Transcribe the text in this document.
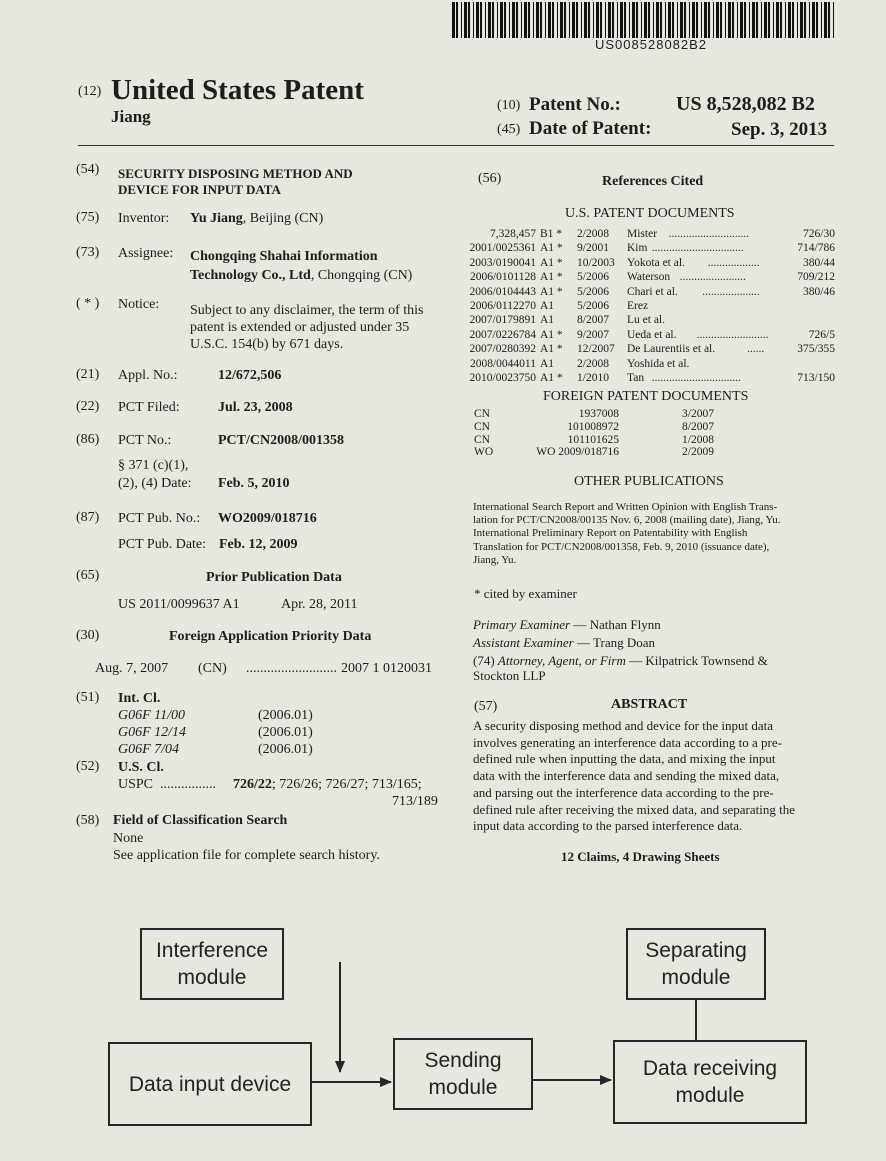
US008528082B2
(12) United States Patent
Jiang
(10) Patent No.:	US 8,528,082 B2
(45) Date of Patent:	Sep. 3, 2013
(54) SECURITY DISPOSING METHOD AND
DEVICE FOR INPUT DATA
(75) Inventor: Yu Jiang, Beijing (CN)
(73) Assignee: Chongqing Shahai Information
Technology Co., Ltd, Chongqing (CN)
( * ) Notice: Subject to any disclaimer, the term of this
patent is extended or adjusted under 35
U.S.C. 154(b) by 671 days.
(21) Appl. No.:	12/672,506
(22) PCT Filed:	Jul. 23, 2008
(86) PCT No.:	PCT/CN2008/001358
§ 371 (c)(1),
(2), (4) Date: Feb. 5, 2010
(87) PCT Pub. No.: WO2009/018716
PCT Pub. Date: Feb. 12, 2009
(65)	Prior Publication Data
US 2011/0099637 A1	Apr. 28, 2011
(30)	Foreign Application Priority Data
Aug. 7, 2007 (CN) .......................... 2007 1 0120031
(51) Int. Cl.
G06F 11/00	(2006.01)
G06F 12/14	(2006.01)
G06F 7/04	(2006.01)
(52) U.S. Cl.
USPC ................ 726/22; 726/26; 726/27; 713/165;
713/189
(58) Field of Classification Search
None
See application file for complete search history.
(56)	References Cited
U.S. PATENT DOCUMENTS
7,328,457 B1 * 2/2008 Mister ............................	726/30
2001/0025361 A1 * 9/2001 Kim ................................	714/786
2003/0190041 A1 * 10/2003 Yokota et al. ..................	380/44
2006/0101128 A1 * 5/2006 Waterson .......................	709/212
2006/0104443 A1 * 5/2006 Chari et al. ....................	380/46
2006/0112270 A1 5/2006 Erez
2007/0179891 A1 8/2007 Lu et al.
2007/0226784 A1 * 9/2007 Ueda et al. .........................	726/5
2007/0280392 A1 * 12/2007 De Laurentiis et al.	......	375/355
2008/0044011 A1 2/2008 Yoshida et al.
2010/0023750 A1 * 1/2010 Tan ...............................	713/150
FOREIGN PATENT DOCUMENTS
CN	1937008	3/2007
CN	101008972	8/2007
CN	101101625	1/2008
WO	WO 2009/018716	2/2009
OTHER PUBLICATIONS
International Search Report and Written Opinion with English Trans-
lation for PCT/CN2008/00135 Nov. 6, 2008 (mailing date), Jiang, Yu.
International Preliminary Report on Patentability with English
Translation for PCT/CN2008/001358, Feb. 9, 2010 (issuance date),
Jiang, Yu.
* cited by examiner
Primary Examiner — Nathan Flynn
Assistant Examiner — Trang Doan
(74) Attorney, Agent, or Firm — Kilpatrick Townsend &
Stockton LLP
(57)	ABSTRACT
A security disposing method and device for the input data
involves generating an interference data according to a pre-
defined rule when inputting the data, and mixing the input
data with the interference data and sending the mixed data,
and parsing out the interference data according to the pre-
defined rule after receiving the mixed data, and separating the
input data according to the parsed interference data.
12 Claims, 4 Drawing Sheets
Interference
module
Separating
module
Data input device
Sending
module
Data receiving
module
